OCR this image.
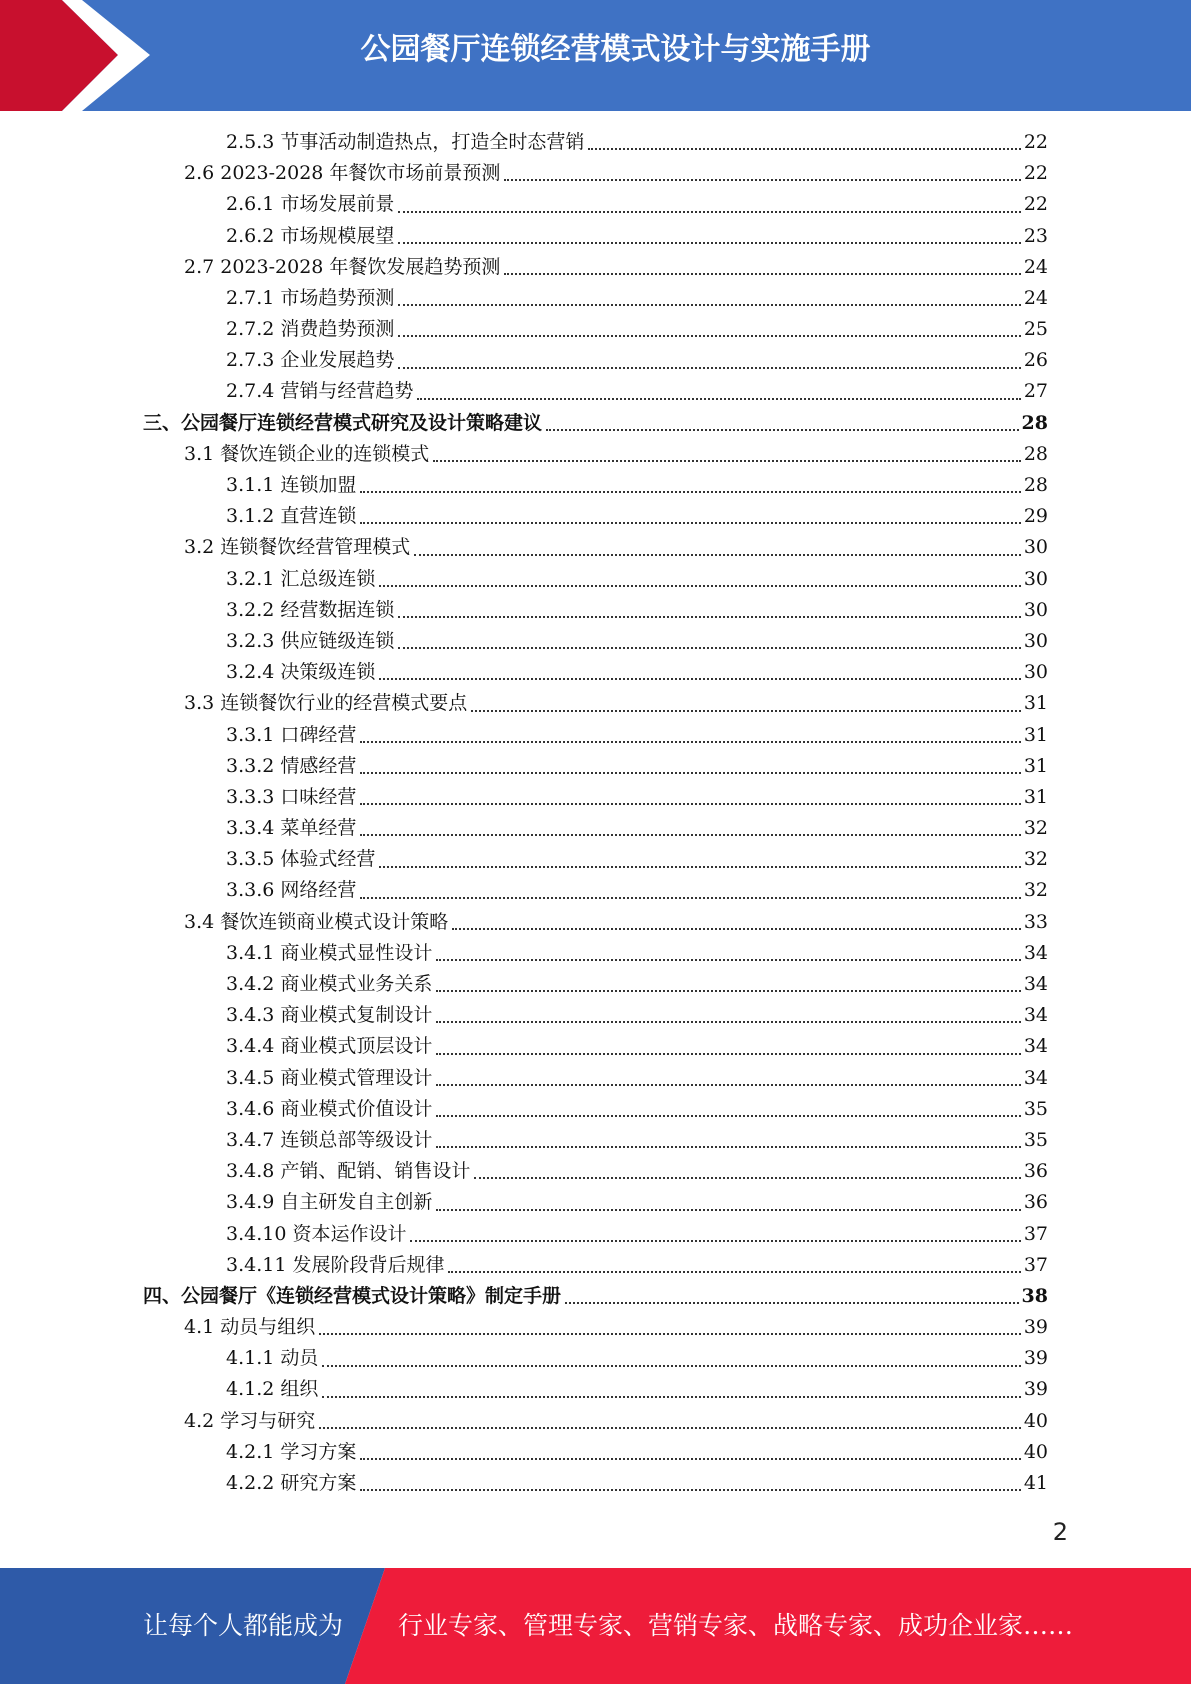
公园餐厅连锁经营模式设计与实施手册
2.5.3 节事活动制造热点，打造全时态营销	22
2.6 2023-2028 年餐饮市场前景预测	22
2.6.1 市场发展前景	22
2.6.2 市场规模展望	23
2.7 2023-2028 年餐饮发展趋势预测	24
2.7.1 市场趋势预测	24
2.7.2 消费趋势预测	25
2.7.3 企业发展趋势	26
2.7.4 营销与经营趋势	27
三、公园餐厅连锁经营模式研究及设计策略建议	28
3.1 餐饮连锁企业的连锁模式	28
3.1.1 连锁加盟	28
3.1.2 直营连锁	29
3.2 连锁餐饮经营管理模式	30
3.2.1 汇总级连锁	30
3.2.2 经营数据连锁	30
3.2.3 供应链级连锁	30
3.2.4 决策级连锁	30
3.3 连锁餐饮行业的经营模式要点	31
3.3.1 口碑经营	31
3.3.2 情感经营	31
3.3.3 口味经营	31
3.3.4 菜单经营	32
3.3.5 体验式经营	32
3.3.6 网络经营	32
3.4 餐饮连锁商业模式设计策略	33
3.4.1 商业模式显性设计	34
3.4.2 商业模式业务关系	34
3.4.3 商业模式复制设计	34
3.4.4 商业模式顶层设计	34
3.4.5 商业模式管理设计	34
3.4.6 商业模式价值设计	35
3.4.7 连锁总部等级设计	35
3.4.8 产销、配销、销售设计	36
3.4.9 自主研发自主创新	36
3.4.10 资本运作设计	37
3.4.11 发展阶段背后规律	37
四、公园餐厅《连锁经营模式设计策略》制定手册	38
4.1 动员与组织	39
4.1.1 动员	39
4.1.2 组织	39
4.2 学习与研究	40
4.2.1 学习方案	40
4.2.2 研究方案	41
2
让每个人都能成为 行业专家、管理专家、营销专家、战略专家、成功企业家……
